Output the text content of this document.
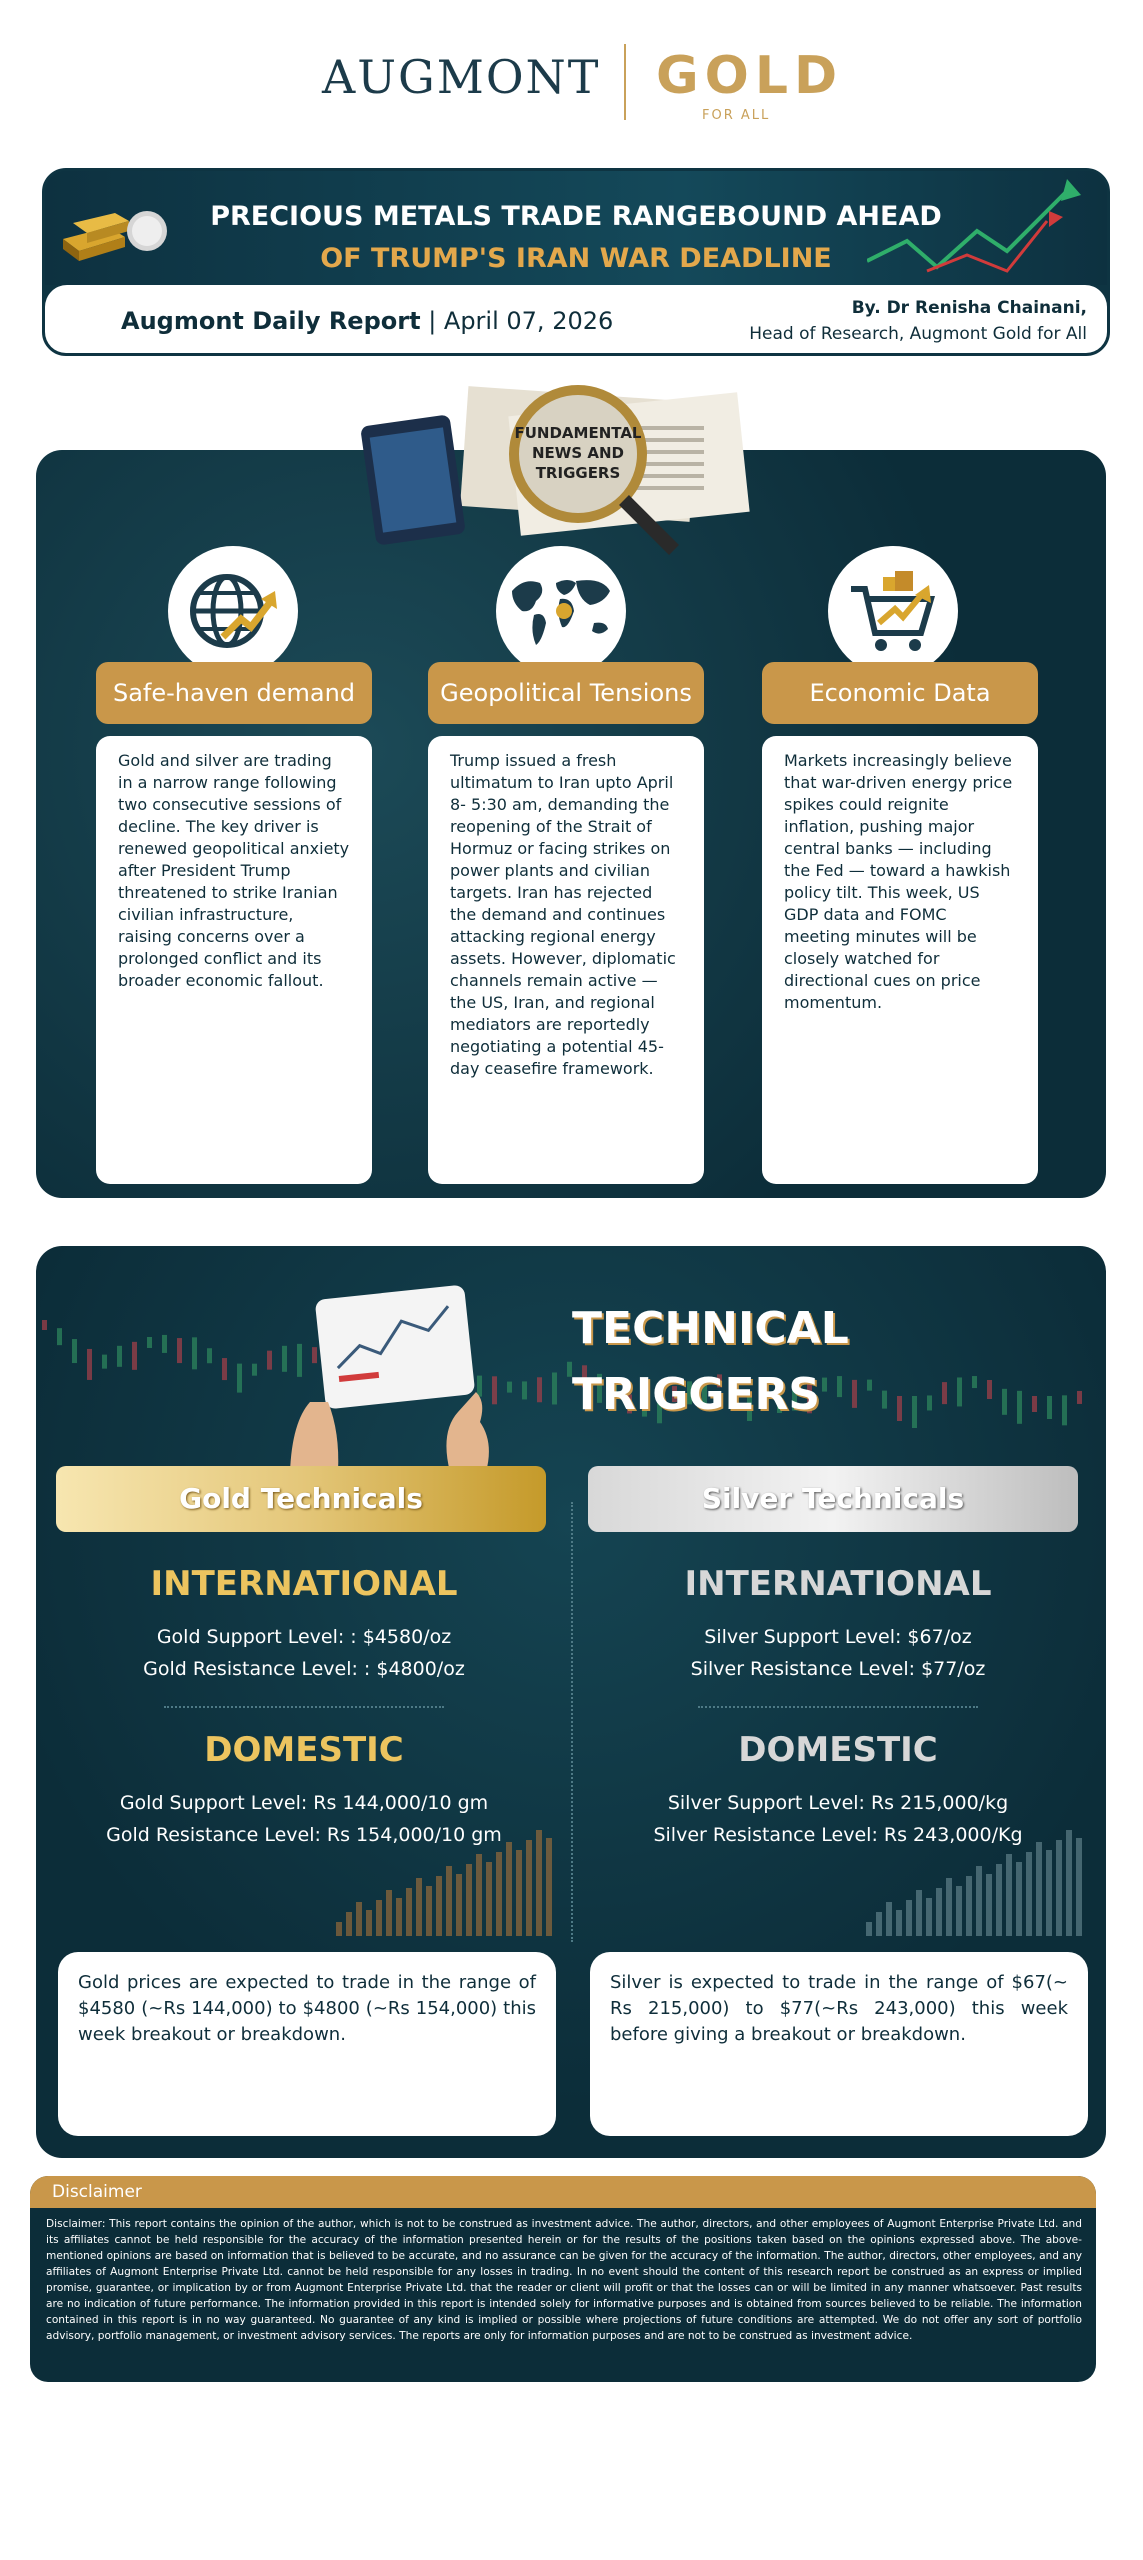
AUGMONT GOLD
FOR ALL
PRECIOUS METALS TRADE RANGEBOUND AHEAD
OF TRUMP'S IRAN WAR DEADLINE
Augmont Daily Report | April 07, 2026	By. Dr Renisha Chainani,
Head of Research, Augmont Gold for All
Safe-haven demand

Gold and silver are trading in a narrow range following two consecutive sessions of decline. The key driver is renewed geopolitical anxiety after President Trump threatened to strike Iranian civilian infrastructure, raising concerns over a prolonged conflict and its broader economic fallout.

Geopolitical Tensions

Trump issued a fresh ultimatum to Iran upto April 8- 5:30 am, demanding the reopening of the Strait of Hormuz or facing strikes on power plants and civilian targets. Iran has rejected the demand and continues attacking regional energy assets. However, diplomatic channels remain active — the US, Iran, and regional mediators are reportedly negotiating a potential 45-day ceasefire framework.

Economic Data

Markets increasingly believe that war-driven energy price spikes could reignite inflation, pushing major central banks — including the Fed — toward a hawkish policy tilt. This week, US GDP data and FOMC meeting minutes will be closely watched for directional cues on price momentum.

FUNDAMENTAL
NEWS AND
TRIGGERS
TECHNICAL
TRIGGERS
Gold Technicals	Silver Technicals
INTERNATIONAL
Gold Support Level: : $4580/oz
Gold Resistance Level: : $4800/oz
DOMESTIC
Gold Support Level: Rs 144,000/10 gm
Gold Resistance Level: Rs 154,000/10 gm
INTERNATIONAL
Silver Support Level: $67/oz
Silver Resistance Level: $77/oz
DOMESTIC
Silver Support Level: Rs 215,000/kg
Silver Resistance Level: Rs 243,000/Kg
Gold prices are expected to trade in the range of $4580 (~Rs 144,000) to $4800 (~Rs 154,000) this week breakout or breakdown.
Silver is expected to trade in the range of $67(~ Rs 215,000) to $77(~Rs 243,000) this week before giving a breakout or breakdown.
Disclaimer
Disclaimer: This report contains the opinion of the author, which is not to be construed as investment advice. The author, directors, and other employees of Augmont Enterprise Private Ltd. and its affiliates cannot be held responsible for the accuracy of the information presented herein or for the results of the positions taken based on the opinions expressed above. The above-mentioned opinions are based on information that is believed to be accurate, and no assurance can be given for the accuracy of the information. The author, directors, other employees, and any affiliates of Augmont Enterprise Private Ltd. cannot be held responsible for any losses in trading. In no event should the content of this research report be construed as an express or implied promise, guarantee, or implication by or from Augmont Enterprise Private Ltd. that the reader or client will profit or that the losses can or will be limited in any manner whatsoever. Past results are no indication of future performance. The information provided in this report is intended solely for informative purposes and is obtained from sources believed to be reliable. The information contained in this report is in no way guaranteed. No guarantee of any kind is implied or possible where projections of future conditions are attempted. We do not offer any sort of portfolio advisory, portfolio management, or investment advisory services. The reports are only for information purposes and are not to be construed as investment advice.
